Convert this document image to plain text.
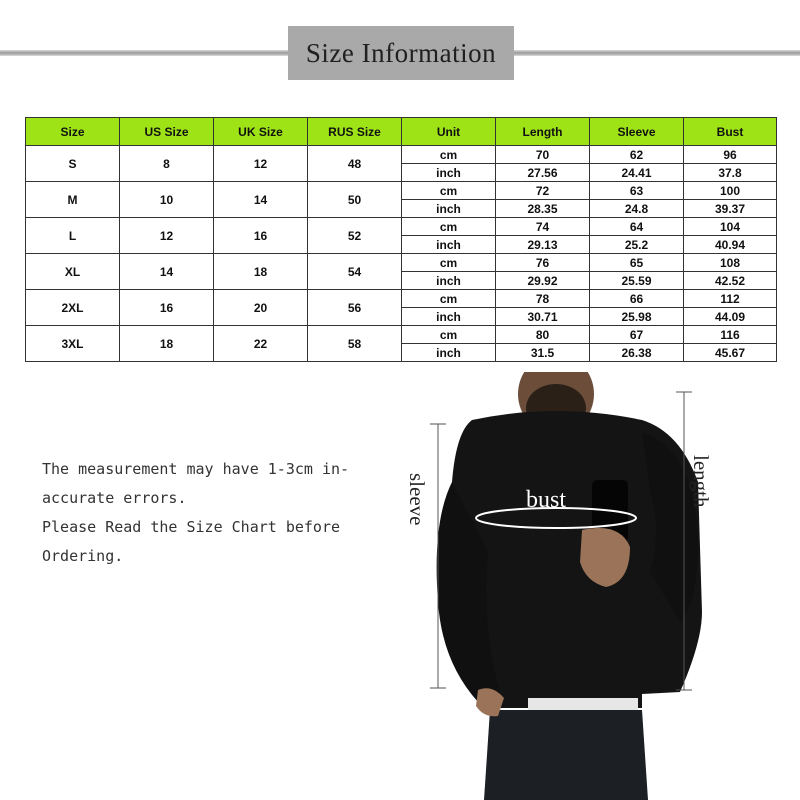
Size Information
Size	US Size	UK Size	RUS Size	Unit	Length	Sleeve	Bust
S	8	12	48	cm	70	62	96
				inch	27.56	24.41	37.8
M	10	14	50	cm	72	63	100
				inch	28.35	24.8	39.37
L	12	16	52	cm	74	64	104
				inch	29.13	25.2	40.94
XL	14	18	54	cm	76	65	108
				inch	29.92	25.59	42.52
2XL	16	20	56	cm	78	66	112
				inch	30.71	25.98	44.09
3XL	18	22	58	cm	80	67	116
				inch	31.5	26.38	45.67

The measurement may have 1-3cm in-

accurate errors.

Please Read the Size Chart before

Ordering.

sleeve	length
bust
